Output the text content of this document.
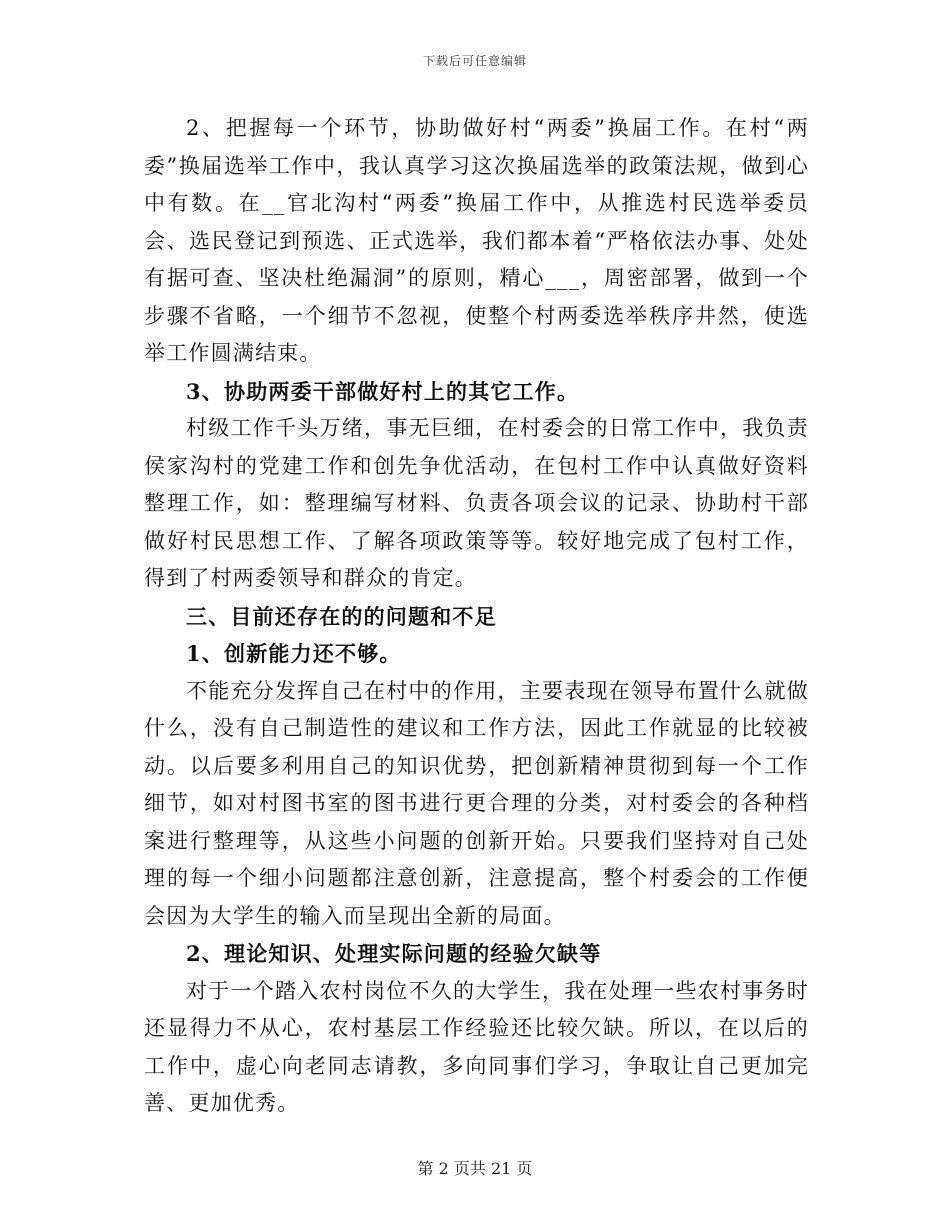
下载后可任意编辑

2、把握每一个环节，协助做好村“两委”换届工作。在村“两委”换届选举工作中，我认真学习这次换届选举的政策法规，做到心中有数。在__官北沟村“两委”换届工作中，从推选村民选举委员会、选民登记到预选、正式选举，我们都本着“严格依法办事、处处有据可查、坚决杜绝漏洞”的原则，精心___，周密部署，做到一个步骤不省略，一个细节不忽视，使整个村两委选举秩序井然，使选举工作圆满结束。

3、协助两委干部做好村上的其它工作。

村级工作千头万绪，事无巨细，在村委会的日常工作中，我负责侯家沟村的党建工作和创先争优活动，在包村工作中认真做好资料整理工作，如：整理编写材料、负责各项会议的记录、协助村干部做好村民思想工作、了解各项政策等等。较好地完成了包村工作，得到了村两委领导和群众的肯定。

三、目前还存在的的问题和不足

1、创新能力还不够。

不能充分发挥自己在村中的作用，主要表现在领导布置什么就做什么，没有自己制造性的建议和工作方法，因此工作就显的比较被动。以后要多利用自己的知识优势，把创新精神贯彻到每一个工作细节，如对村图书室的图书进行更合理的分类，对村委会的各种档案进行整理等，从这些小问题的创新开始。只要我们坚持对自己处理的每一个细小问题都注意创新，注意提高，整个村委会的工作便会因为大学生的输入而呈现出全新的局面。

2、理论知识、处理实际问题的经验欠缺等

对于一个踏入农村岗位不久的大学生，我在处理一些农村事务时还显得力不从心，农村基层工作经验还比较欠缺。所以，在以后的工作中，虚心向老同志请教，多向同事们学习，争取让自己更加完善、更加优秀。

第 2 页共 21 页
